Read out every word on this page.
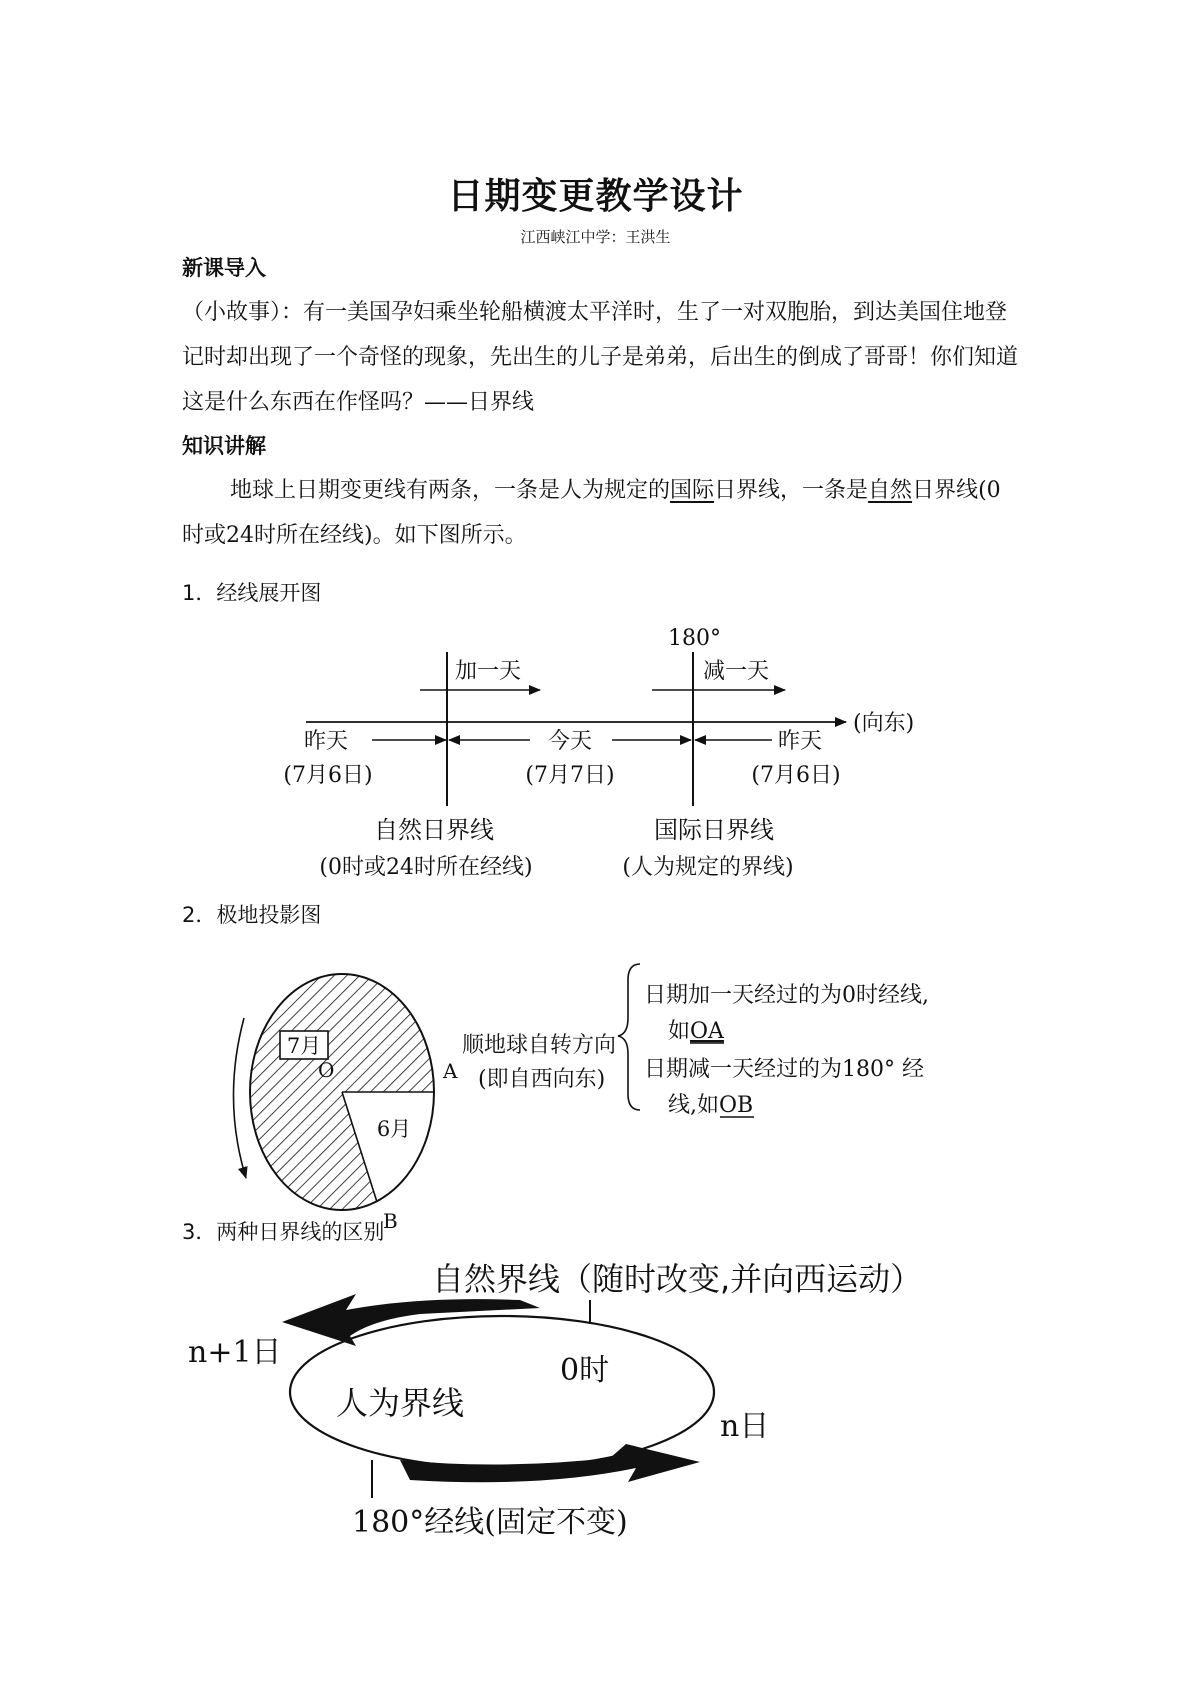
日期变更教学设计
江西峡江中学：王洪生
新课导入
（小故事）：有一美国孕妇乘坐轮船横渡太平洋时，生了一对双胞胎，到达美国住地登记时却出现了一个奇怪的现象，先出生的儿子是弟弟，后出生的倒成了哥哥！你们知道这是什么东西在作怪吗？——日界线
知识讲解
地球上日期变更线有两条，一条是人为规定的国际日界线，一条是自然日界线(0时或24时所在经线)。如下图所示。
1．经线展开图
180°
加一天	减一天
(向东)
昨天	今天	昨天
(7月6日)	(7月7日)	(7月6日)
自然日界线
(0时或24时所在经线)
国际日界线
(人为规定的界线)
2．极地投影图
7月
O
6月
A
B
顺地球自转方向
(即自西向东)
日期加一天经过的为0时经线,
如OA
日期减一天经过的为180° 经
线,如OB
3．两种日界线的区别
自然界线（随时改变,并向西运动）
n+1日
0时
人为界线
n日
180°经线(固定不变)
